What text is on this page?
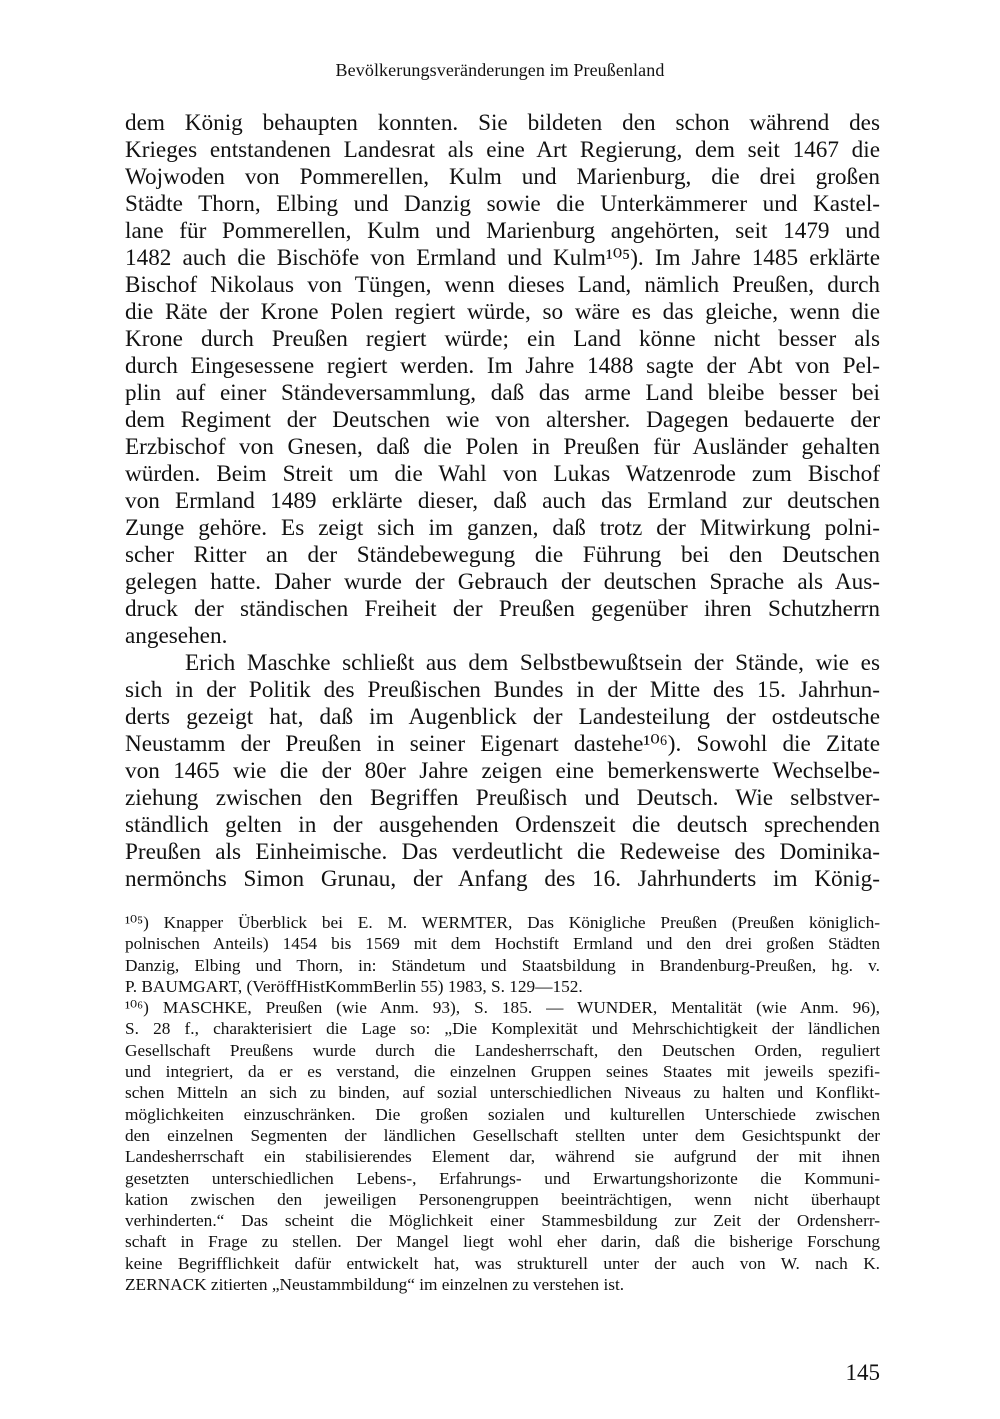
Bevölkerungsveränderungen im Preußenland
dem König behaupten konnten. Sie bildeten den schon während des
Krieges entstandenen Landesrat als eine Art Regierung, dem seit 1467 die
Wojwoden von Pommerellen, Kulm und Marienburg, die drei großen
Städte Thorn, Elbing und Danzig sowie die Unterkämmerer und Kastel-
lane für Pommerellen, Kulm und Marienburg angehörten, seit 1479 und
1482 auch die Bischöfe von Ermland und Kulm¹⁰⁵). Im Jahre 1485 erklärte
Bischof Nikolaus von Tüngen, wenn dieses Land, nämlich Preußen, durch
die Räte der Krone Polen regiert würde, so wäre es das gleiche, wenn die
Krone durch Preußen regiert würde; ein Land könne nicht besser als
durch Eingesessene regiert werden. Im Jahre 1488 sagte der Abt von Pel-
plin auf einer Ständeversammlung, daß das arme Land bleibe besser bei
dem Regiment der Deutschen wie von altersher. Dagegen bedauerte der
Erzbischof von Gnesen, daß die Polen in Preußen für Ausländer gehalten
würden. Beim Streit um die Wahl von Lukas Watzenrode zum Bischof
von Ermland 1489 erklärte dieser, daß auch das Ermland zur deutschen
Zunge gehöre. Es zeigt sich im ganzen, daß trotz der Mitwirkung polni-
scher Ritter an der Ständebewegung die Führung bei den Deutschen
gelegen hatte. Daher wurde der Gebrauch der deutschen Sprache als Aus-
druck der ständischen Freiheit der Preußen gegenüber ihren Schutzherrn
angesehen.
Erich Maschke schließt aus dem Selbstbewußtsein der Stände, wie es
sich in der Politik des Preußischen Bundes in der Mitte des 15. Jahrhun-
derts gezeigt hat, daß im Augenblick der Landesteilung der ostdeutsche
Neustamm der Preußen in seiner Eigenart dastehe¹⁰⁶). Sowohl die Zitate
von 1465 wie die der 80er Jahre zeigen eine bemerkenswerte Wechselbe-
ziehung zwischen den Begriffen Preußisch und Deutsch. Wie selbstver-
ständlich gelten in der ausgehenden Ordenszeit die deutsch sprechenden
Preußen als Einheimische. Das verdeutlicht die Redeweise des Dominika-
nermönchs Simon Grunau, der Anfang des 16. Jahrhunderts im König-
¹⁰⁵) Knapper Überblick bei E. M. WERMTER, Das Königliche Preußen (Preußen königlich-
polnischen Anteils) 1454 bis 1569 mit dem Hochstift Ermland und den drei großen Städten
Danzig, Elbing und Thorn, in: Ständetum und Staatsbildung in Brandenburg-Preußen, hg. v.
P. BAUMGART, (VeröffHistKommBerlin 55) 1983, S. 129—152.
¹⁰⁶) MASCHKE, Preußen (wie Anm. 93), S. 185. — WUNDER, Mentalität (wie Anm. 96),
S. 28 f., charakterisiert die Lage so: „Die Komplexität und Mehrschichtigkeit der ländlichen
Gesellschaft Preußens wurde durch die Landesherrschaft, den Deutschen Orden, reguliert
und integriert, da er es verstand, die einzelnen Gruppen seines Staates mit jeweils spezifi-
schen Mitteln an sich zu binden, auf sozial unterschiedlichen Niveaus zu halten und Konflikt-
möglichkeiten einzuschränken. Die großen sozialen und kulturellen Unterschiede zwischen
den einzelnen Segmenten der ländlichen Gesellschaft stellten unter dem Gesichtspunkt der
Landesherrschaft ein stabilisierendes Element dar, während sie aufgrund der mit ihnen
gesetzten unterschiedlichen Lebens-, Erfahrungs- und Erwartungshorizonte die Kommuni-
kation zwischen den jeweiligen Personengruppen beeinträchtigen, wenn nicht überhaupt
verhinderten.“ Das scheint die Möglichkeit einer Stammesbildung zur Zeit der Ordensherr-
schaft in Frage zu stellen. Der Mangel liegt wohl eher darin, daß die bisherige Forschung
keine Begrifflichkeit dafür entwickelt hat, was strukturell unter der auch von W. nach K.
ZERNACK zitierten „Neustammbildung“ im einzelnen zu verstehen ist.
145
